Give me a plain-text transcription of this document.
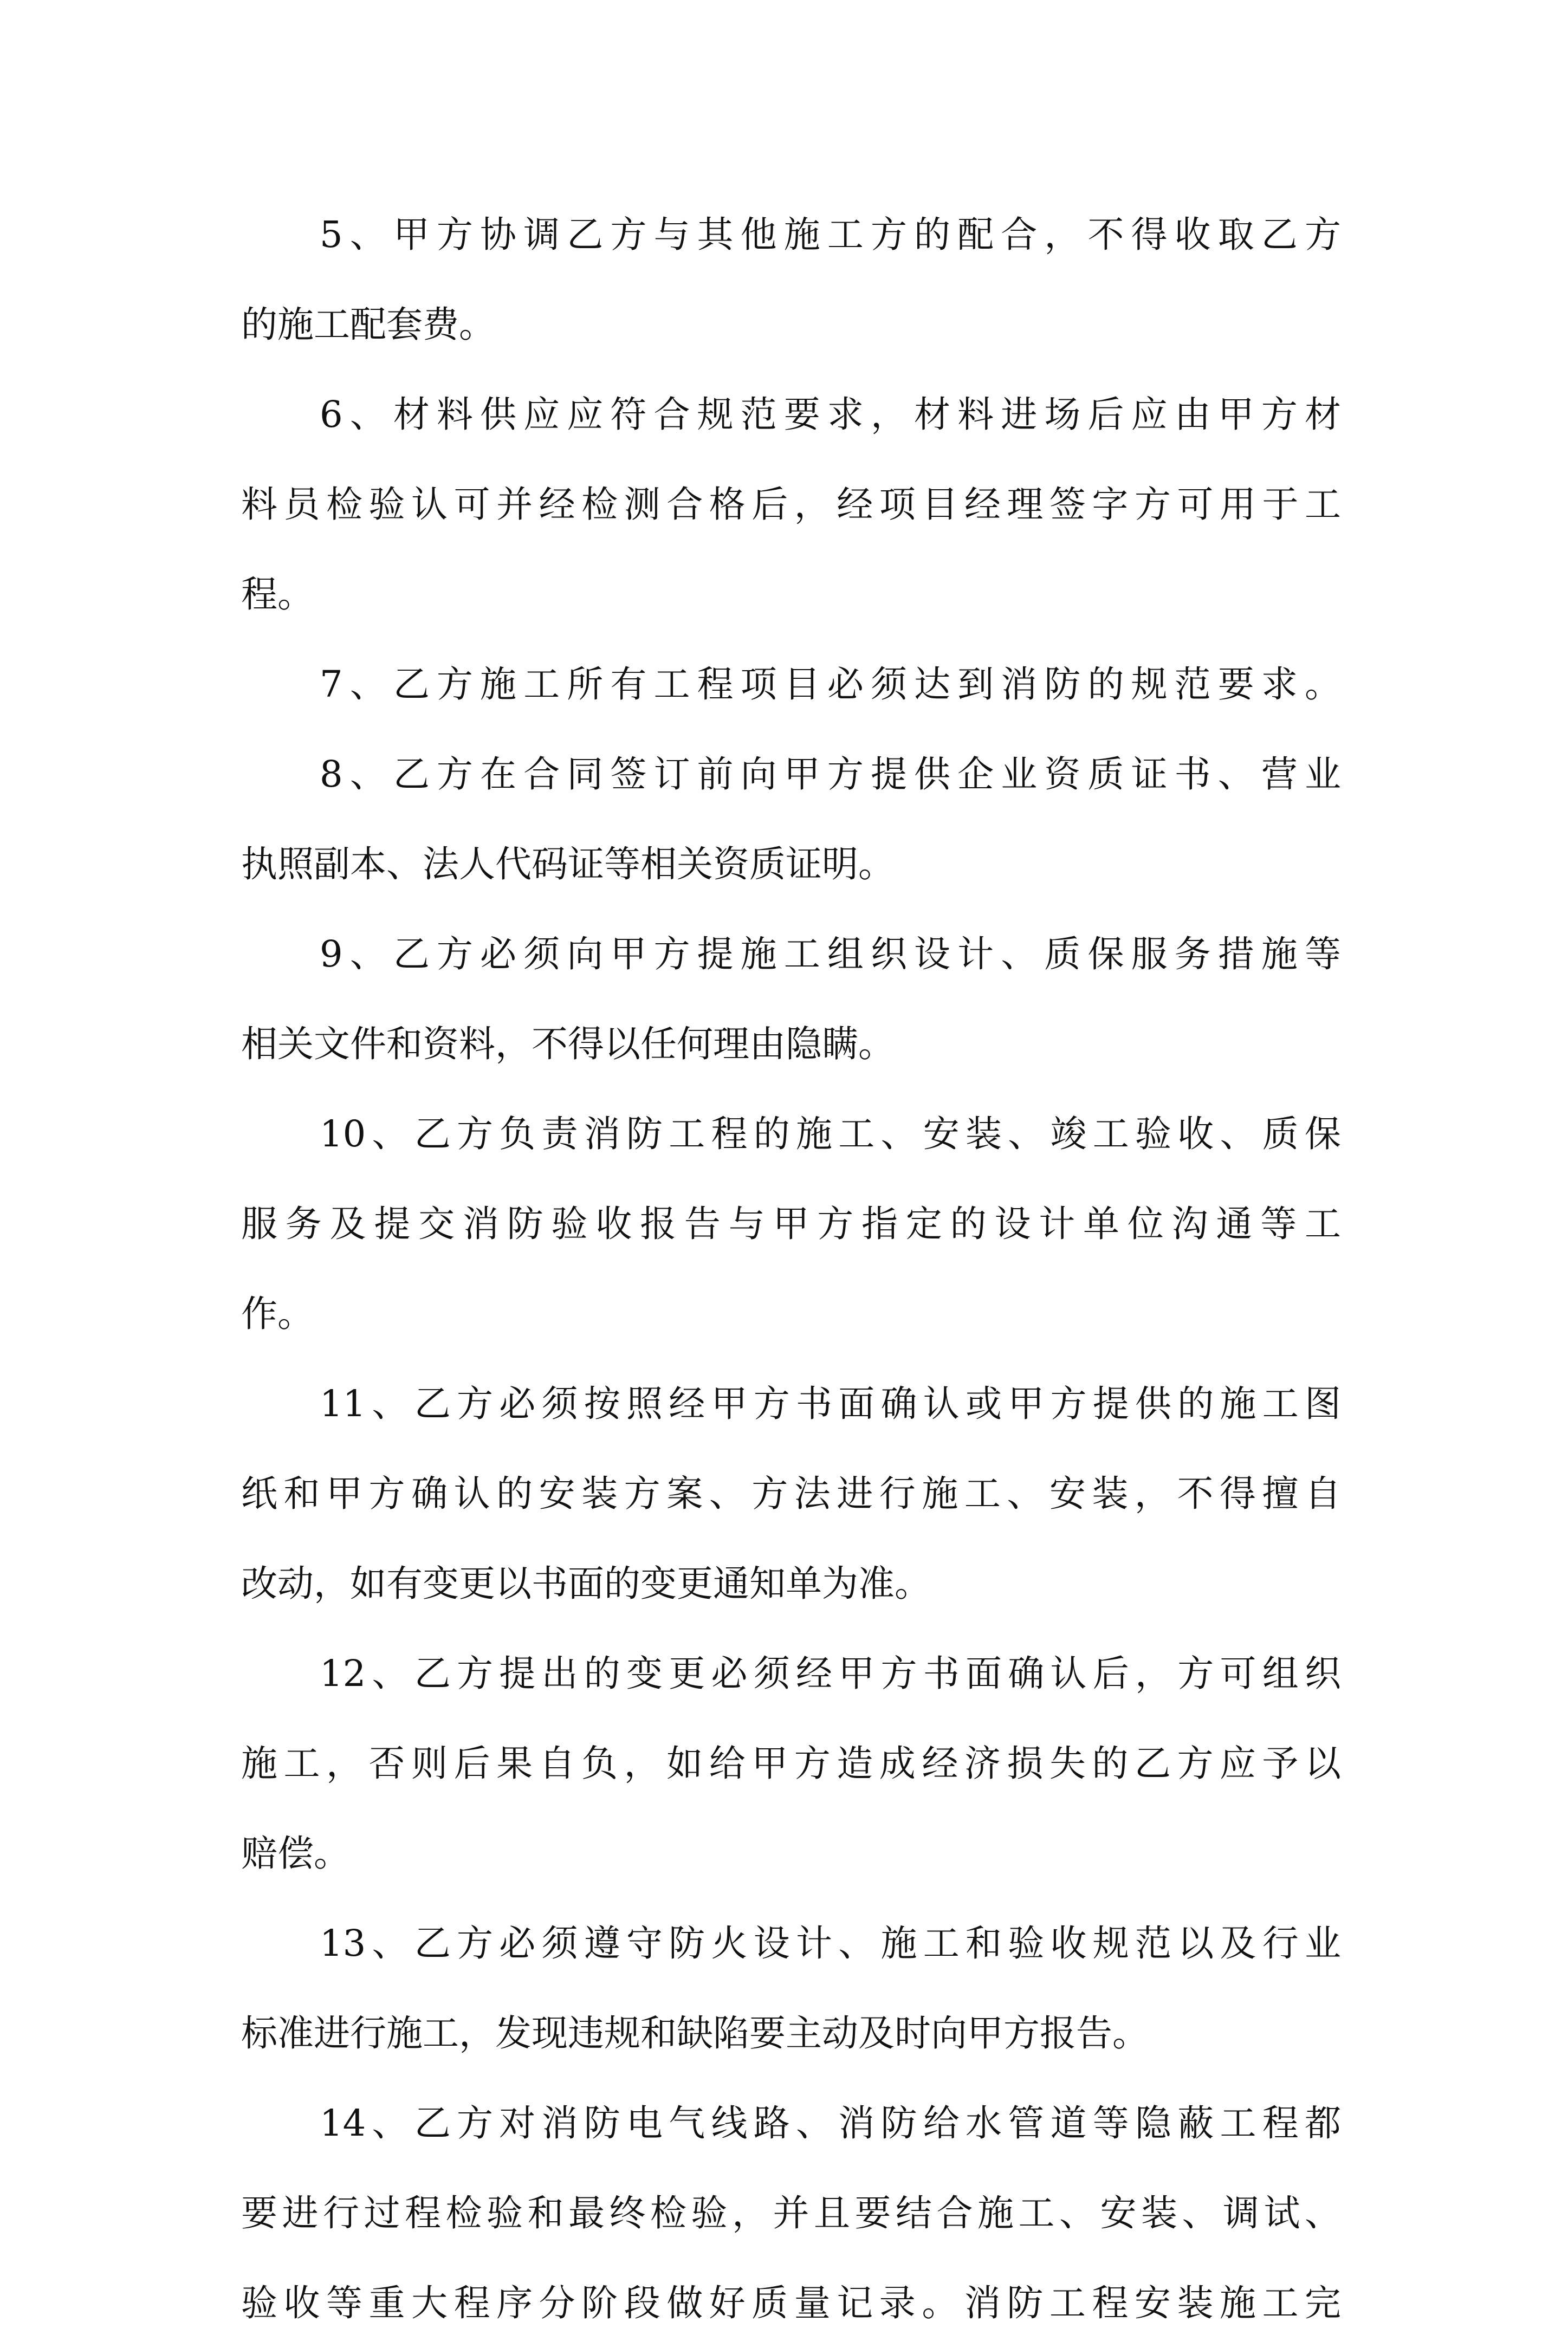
5、甲方协调乙方与其他施工方的配合，不得收取乙方
的施工配套费。
6、材料供应应符合规范要求，材料进场后应由甲方材
料员检验认可并经检测合格后，经项目经理签字方可用于工
程。
7、乙方施工所有工程项目必须达到消防的规范要求。
8、乙方在合同签订前向甲方提供企业资质证书、营业
执照副本、法人代码证等相关资质证明。
9、乙方必须向甲方提施工组织设计、质保服务措施等
相关文件和资料，不得以任何理由隐瞒。
10、乙方负责消防工程的施工、安装、竣工验收、质保
服务及提交消防验收报告与甲方指定的设计单位沟通等工
作。
11、乙方必须按照经甲方书面确认或甲方提供的施工图
纸和甲方确认的安装方案、方法进行施工、安装，不得擅自
改动，如有变更以书面的变更通知单为准。
12、乙方提出的变更必须经甲方书面确认后，方可组织
施工，否则后果自负，如给甲方造成经济损失的乙方应予以
赔偿。
13、乙方必须遵守防火设计、施工和验收规范以及行业
标准进行施工，发现违规和缺陷要主动及时向甲方报告。
14、乙方对消防电气线路、消防给水管道等隐蔽工程都
要进行过程检验和最终检验，并且要结合施工、安装、调试、
验收等重大程序分阶段做好质量记录。消防工程安装施工完
